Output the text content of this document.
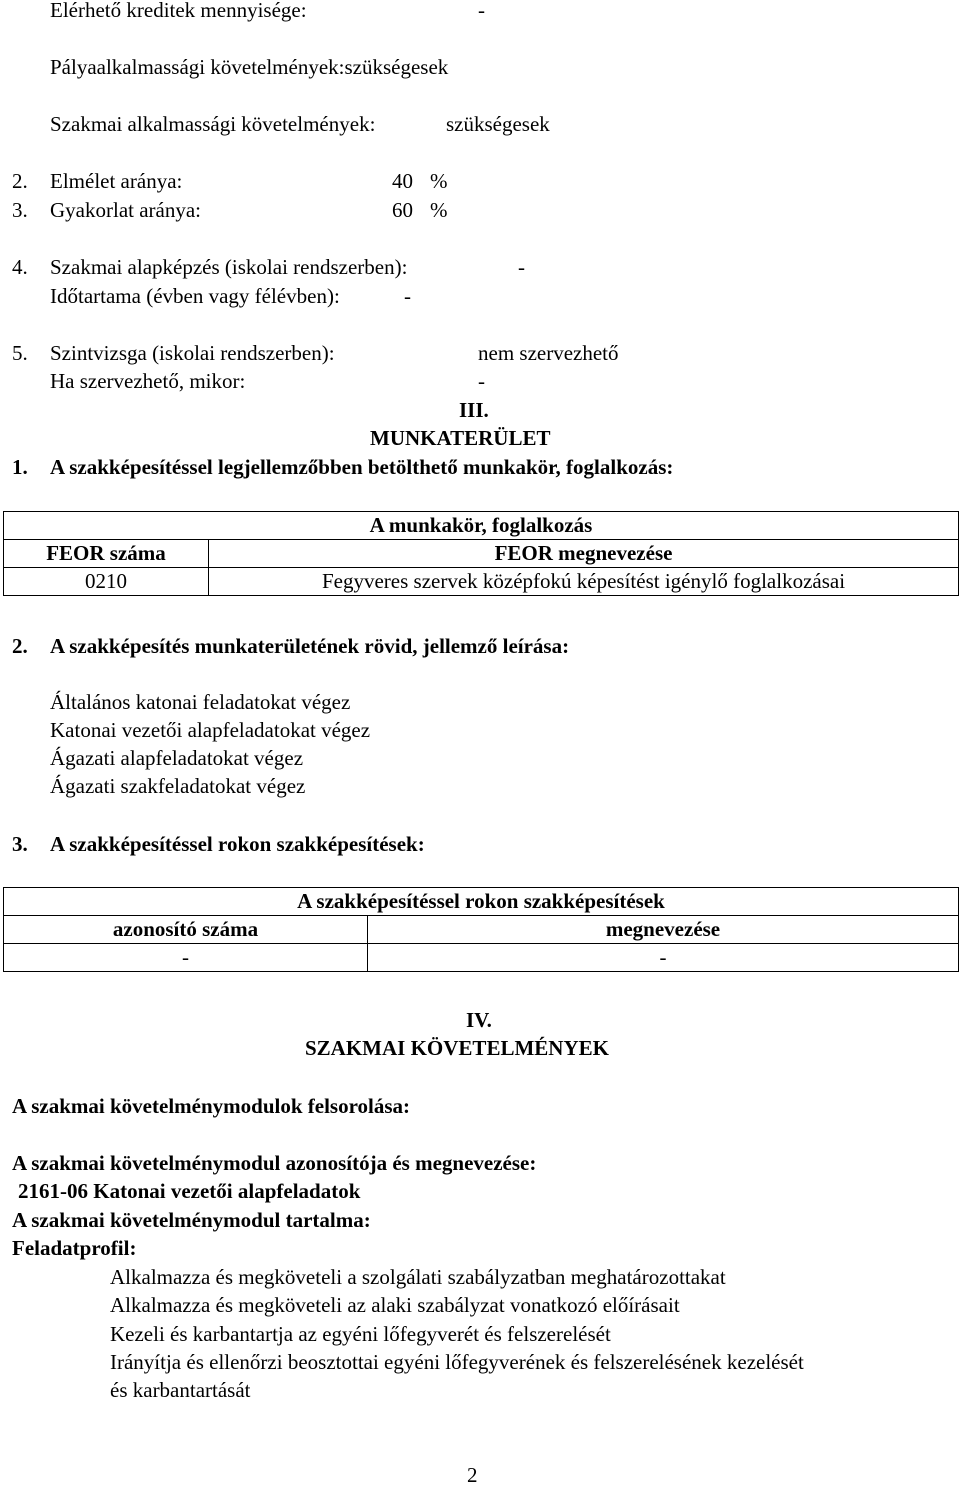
Elérhető kreditek mennyisége:	-
Pályaalkalmassági követelmények:szükségesek
Szakmai alkalmassági követelmények:	szükségesek
2. Elmélet aránya:	40 %
3. Gyakorlat aránya:	60 %
4. Szakmai alapképzés (iskolai rendszerben):	-
Időtartama (évben vagy félévben):	-
5. Szintvizsga (iskolai rendszerben):	nem szervezhető
Ha szervezhető, mikor:	-
III.
MUNKATERÜLET
1. A szakképesítéssel legjellemzőbben betölthető munkakör, foglalkozás:
A munkakör, foglalkozás	
FEOR száma	FEOR megnevezése
0210	Fegyveres szervek középfokú képesítést igénylő foglalkozásai
2. A szakképesítés munkaterületének rövid, jellemző leírása:
Általános katonai feladatokat végez
Katonai vezetői alapfeladatokat végez
Ágazati alapfeladatokat végez
Ágazati szakfeladatokat végez
3. A szakképesítéssel rokon szakképesítések:
A szakképesítéssel rokon szakképesítések	
azonosító száma	megnevezése
-	-
IV.
SZAKMAI KÖVETELMÉNYEK
A szakmai követelménymodulok felsorolása:
A szakmai követelménymodul azonosítója és megnevezése:
2161-06 Katonai vezetői alapfeladatok
A szakmai követelménymodul tartalma:
Feladatprofil:
Alkalmazza és megköveteli a szolgálati szabályzatban meghatározottakat
Alkalmazza és megköveteli az alaki szabályzat vonatkozó előírásait
Kezeli és karbantartja az egyéni lőfegyverét és felszerelését
Irányítja és ellenőrzi beosztottai egyéni lőfegyverének és felszerelésének kezelését
és karbantartását
2
